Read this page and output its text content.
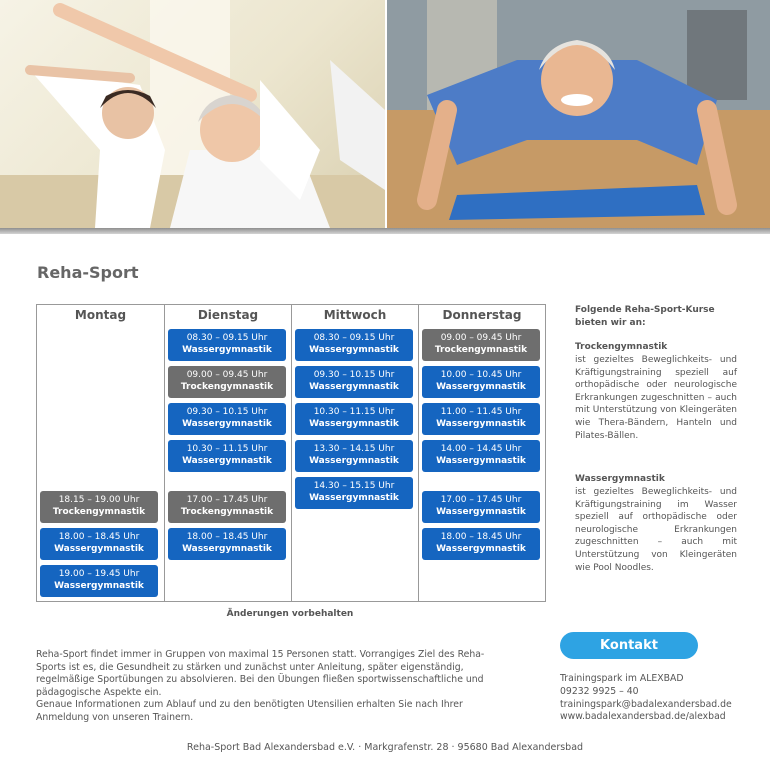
Reha-Sport
Montag
18.15 – 19.00 Uhr
Trockengymnastik
18.00 – 18.45 Uhr
Wassergymnastik
19.00 – 19.45 Uhr
Wassergymnastik
Dienstag
08.30 – 09.15 Uhr
Wassergymnastik
09.00 – 09.45 Uhr
Trockengymnastik
09.30 – 10.15 Uhr
Wassergymnastik
10.30 – 11.15 Uhr
Wassergymnastik
17.00 – 17.45 Uhr
Trockengymnastik
18.00 – 18.45 Uhr
Wassergymnastik
Mittwoch
08.30 – 09.15 Uhr
Wassergymnastik
09.30 – 10.15 Uhr
Wassergymnastik
10.30 – 11.15 Uhr
Wassergymnastik
13.30 – 14.15 Uhr
Wassergymnastik
14.30 – 15.15 Uhr
Wassergymnastik
Donnerstag
09.00 – 09.45 Uhr
Trockengymnastik
10.00 – 10.45 Uhr
Wassergymnastik
11.00 – 11.45 Uhr
Wassergymnastik
14.00 – 14.45 Uhr
Wassergymnastik
17.00 – 17.45 Uhr
Wassergymnastik
18.00 – 18.45 Uhr
Wassergymnastik
Änderungen vorbehalten

Folgende Reha-Sport-Kurse bieten wir an:

Trockengymnastik

ist gezieltes Beweglichkeits- und Kräftigungstraining speziell auf orthopädische oder neurologische Erkrankungen zugeschnitten – auch mit Unterstützung von Kleingeräten wie Thera-Bändern, Hanteln und Pilates-Bällen.

Wassergymnastik

ist gezieltes Beweglichkeits- und Kräftigungstraining im Wasser speziell auf orthopädische oder neurologische Erkrankungen zugeschnitten – auch mit Unterstützung von Kleingeräten wie Pool Noodles.

Reha-Sport findet immer in Gruppen von maximal 15 Personen statt. Vorrangiges Ziel des Reha-Sports ist es, die Gesundheit zu stärken und zunächst unter Anleitung, später eigenständig, regelmäßige Sportübungen zu absolvieren. Bei den Übungen fließen sportwissenschaftliche und pädagogische Aspekte ein.
Genaue Informationen zum Ablauf und zu den benötigten Utensilien erhalten Sie nach Ihrer Anmeldung von unseren Trainern.
Kontakt
Trainingspark im ALEXBAD
09232 9925 – 40
trainingspark@badalexandersbad.de
www.badalexandersbad.de/alexbad
Reha-Sport Bad Alexandersbad e.V. · Markgrafenstr. 28 · 95680 Bad Alexandersbad
